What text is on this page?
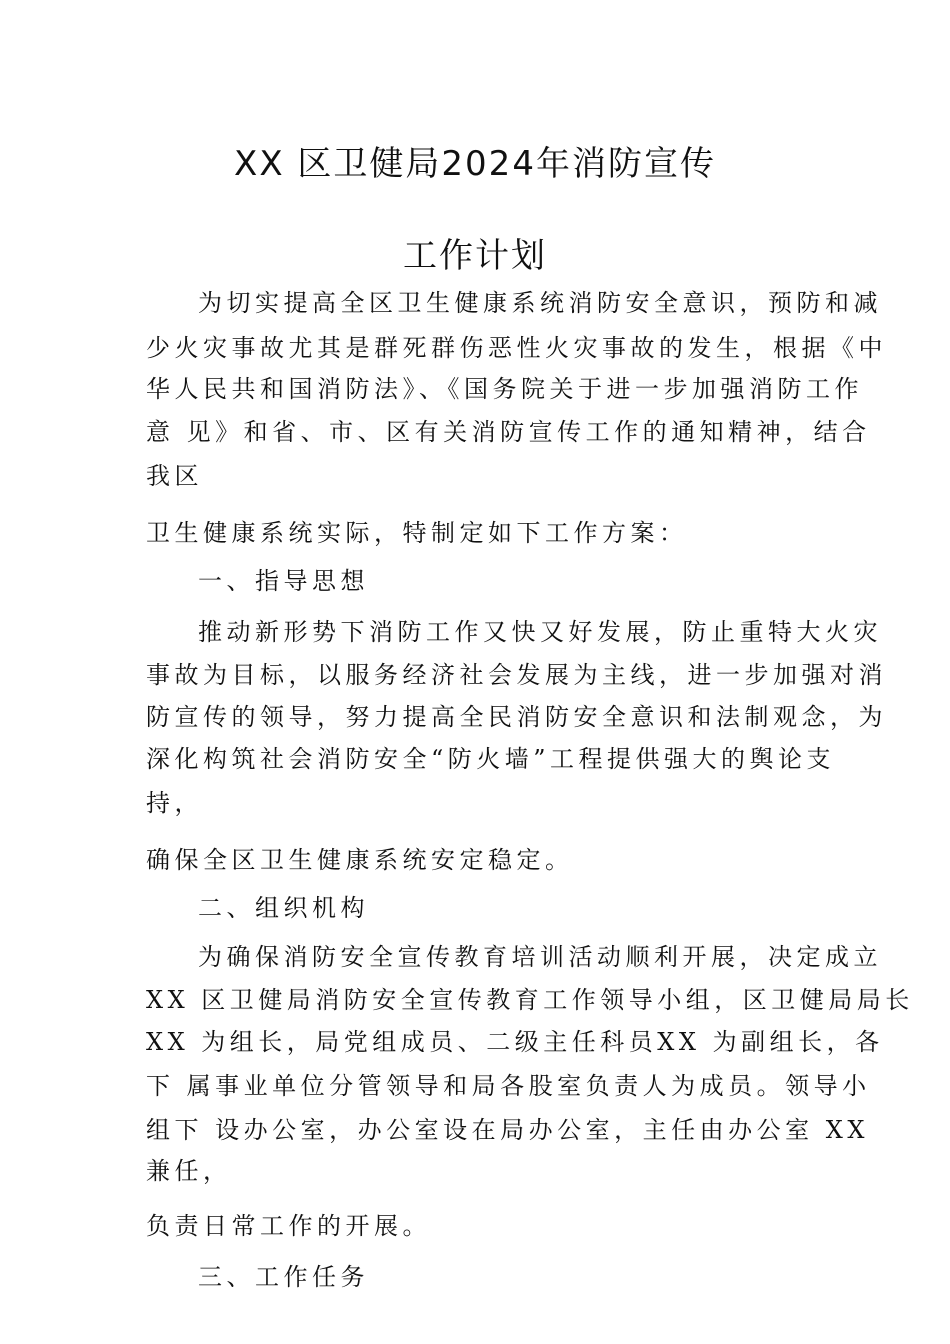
XX 区卫健局2024年消防宣传
工作计划
为切实提高全区卫生健康系统消防安全意识，预防和减
少火灾事故尤其是群死群伤恶性火灾事故的发生，根据《中
华人民共和国消防法》、《国务院关于进一步加强消防工作
意 见》和省、市、区有关消防宣传工作的通知精神，结合
我区
卫生健康系统实际，特制定如下工作方案：
一、指导思想
推动新形势下消防工作又快又好发展，防止重特大火灾
事故为目标，以服务经济社会发展为主线，进一步加强对消
防宣传的领导，努力提高全民消防安全意识和法制观念，为
深化构筑社会消防安全“防火墙”工程提供强大的舆论支
持，
确保全区卫生健康系统安定稳定。
二、组织机构
为确保消防安全宣传教育培训活动顺利开展，决定成立
XX 区卫健局消防安全宣传教育工作领导小组，区卫健局局长
XX 为组长，局党组成员、二级主任科员XX 为副组长，各
下 属事业单位分管领导和局各股室负责人为成员。领导小
组下 设办公室，办公室设在局办公室，主任由办公室 XX
兼任，
负责日常工作的开展。
三、工作任务
